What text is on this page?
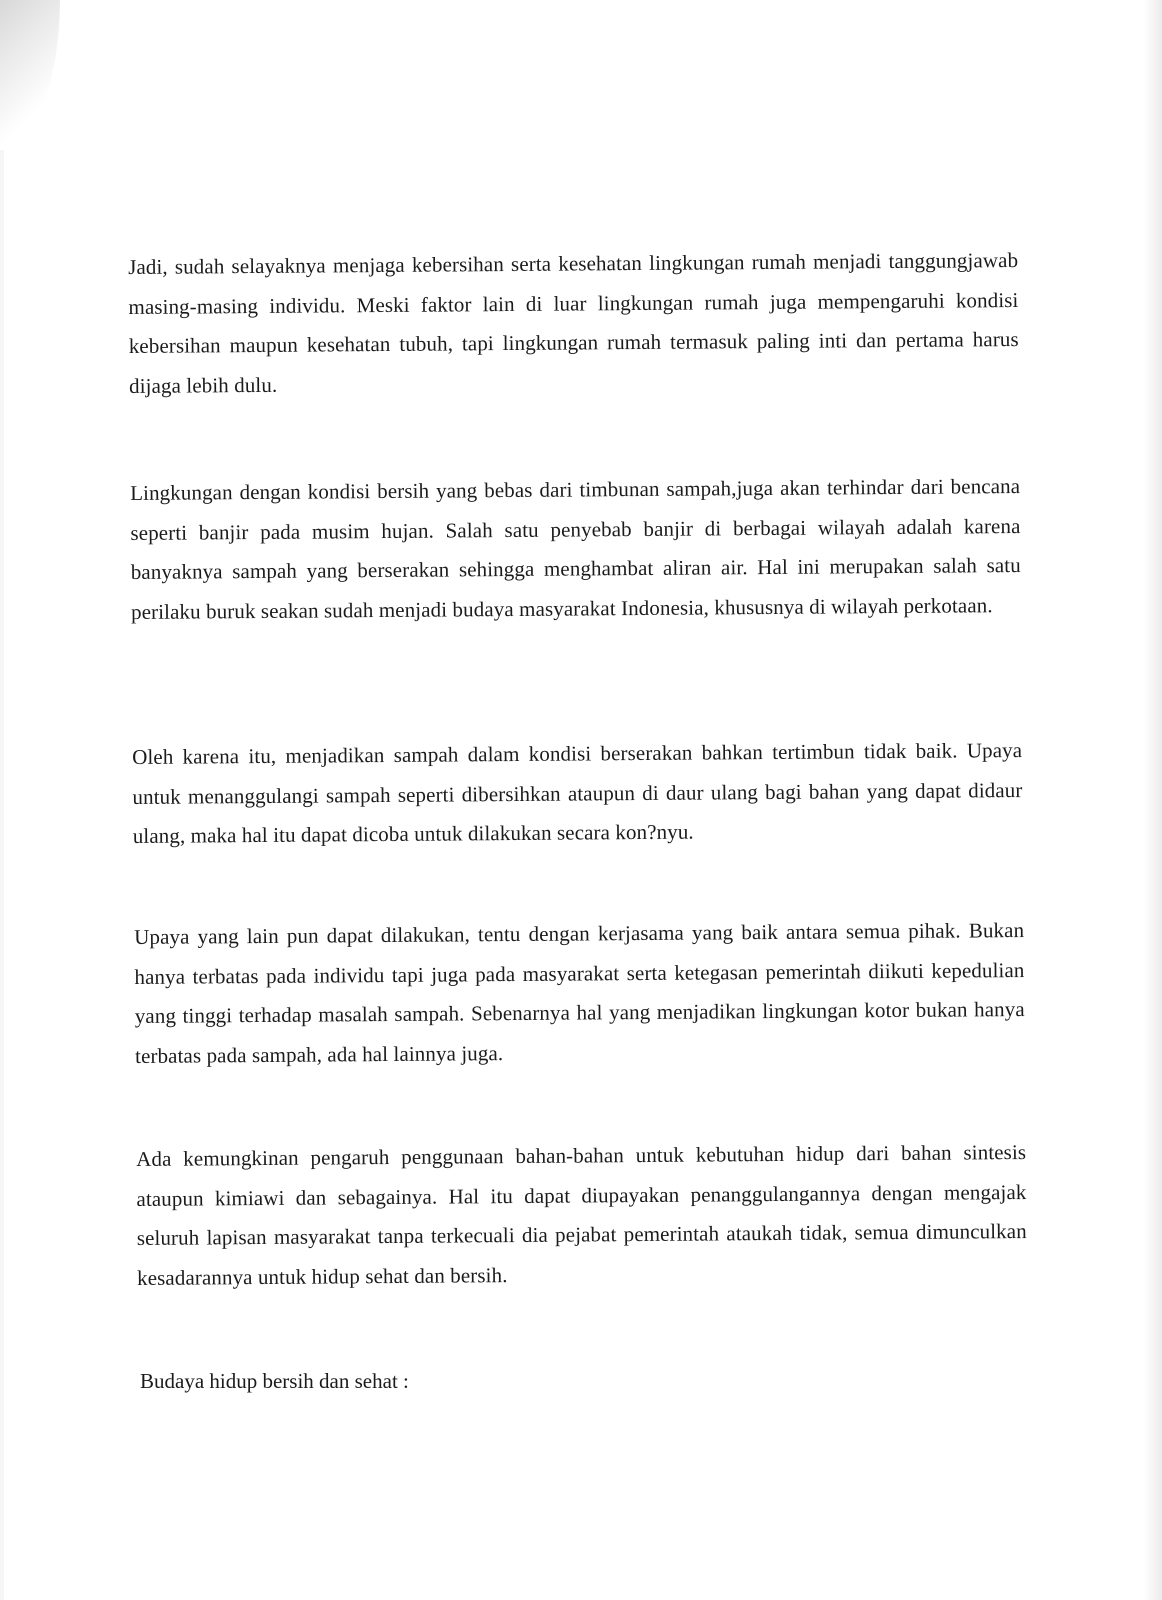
Jadi, sudah selayaknya menjaga kebersihan serta kesehatan lingkungan rumah menjadi tanggungjawab masing-masing individu. Meski faktor lain di luar lingkungan rumah juga mempengaruhi kondisi kebersihan maupun kesehatan tubuh, tapi lingkungan rumah termasuk paling inti dan pertama harus dijaga lebih dulu.

Lingkungan dengan kondisi bersih yang bebas dari timbunan sampah,juga akan terhindar dari bencana seperti banjir pada musim hujan. Salah satu penyebab banjir di berbagai wilayah adalah karena banyaknya sampah yang berserakan sehingga menghambat aliran air. Hal ini merupakan salah satu perilaku buruk seakan sudah menjadi budaya masyarakat Indonesia, khususnya di wilayah perkotaan.

Oleh karena itu, menjadikan sampah dalam kondisi berserakan bahkan tertimbun tidak baik. Upaya untuk menanggulangi sampah seperti dibersihkan ataupun di daur ulang bagi bahan yang dapat didaur ulang, maka hal itu dapat dicoba untuk dilakukan secara kon?nyu.

Upaya yang lain pun dapat dilakukan, tentu dengan kerjasama yang baik antara semua pihak. Bukan hanya terbatas pada individu tapi juga pada masyarakat serta ketegasan pemerintah diikuti kepedulian yang tinggi terhadap masalah sampah. Sebenarnya hal yang menjadikan lingkungan kotor bukan hanya terbatas pada sampah, ada hal lainnya juga.

Ada kemungkinan pengaruh penggunaan bahan-bahan untuk kebutuhan hidup dari bahan sintesis ataupun kimiawi dan sebagainya. Hal itu dapat diupayakan penanggulangannya dengan mengajak seluruh lapisan masyarakat tanpa terkecuali dia pejabat pemerintah ataukah tidak, semua dimunculkan kesadarannya untuk hidup sehat dan bersih.

Budaya hidup bersih dan sehat :
